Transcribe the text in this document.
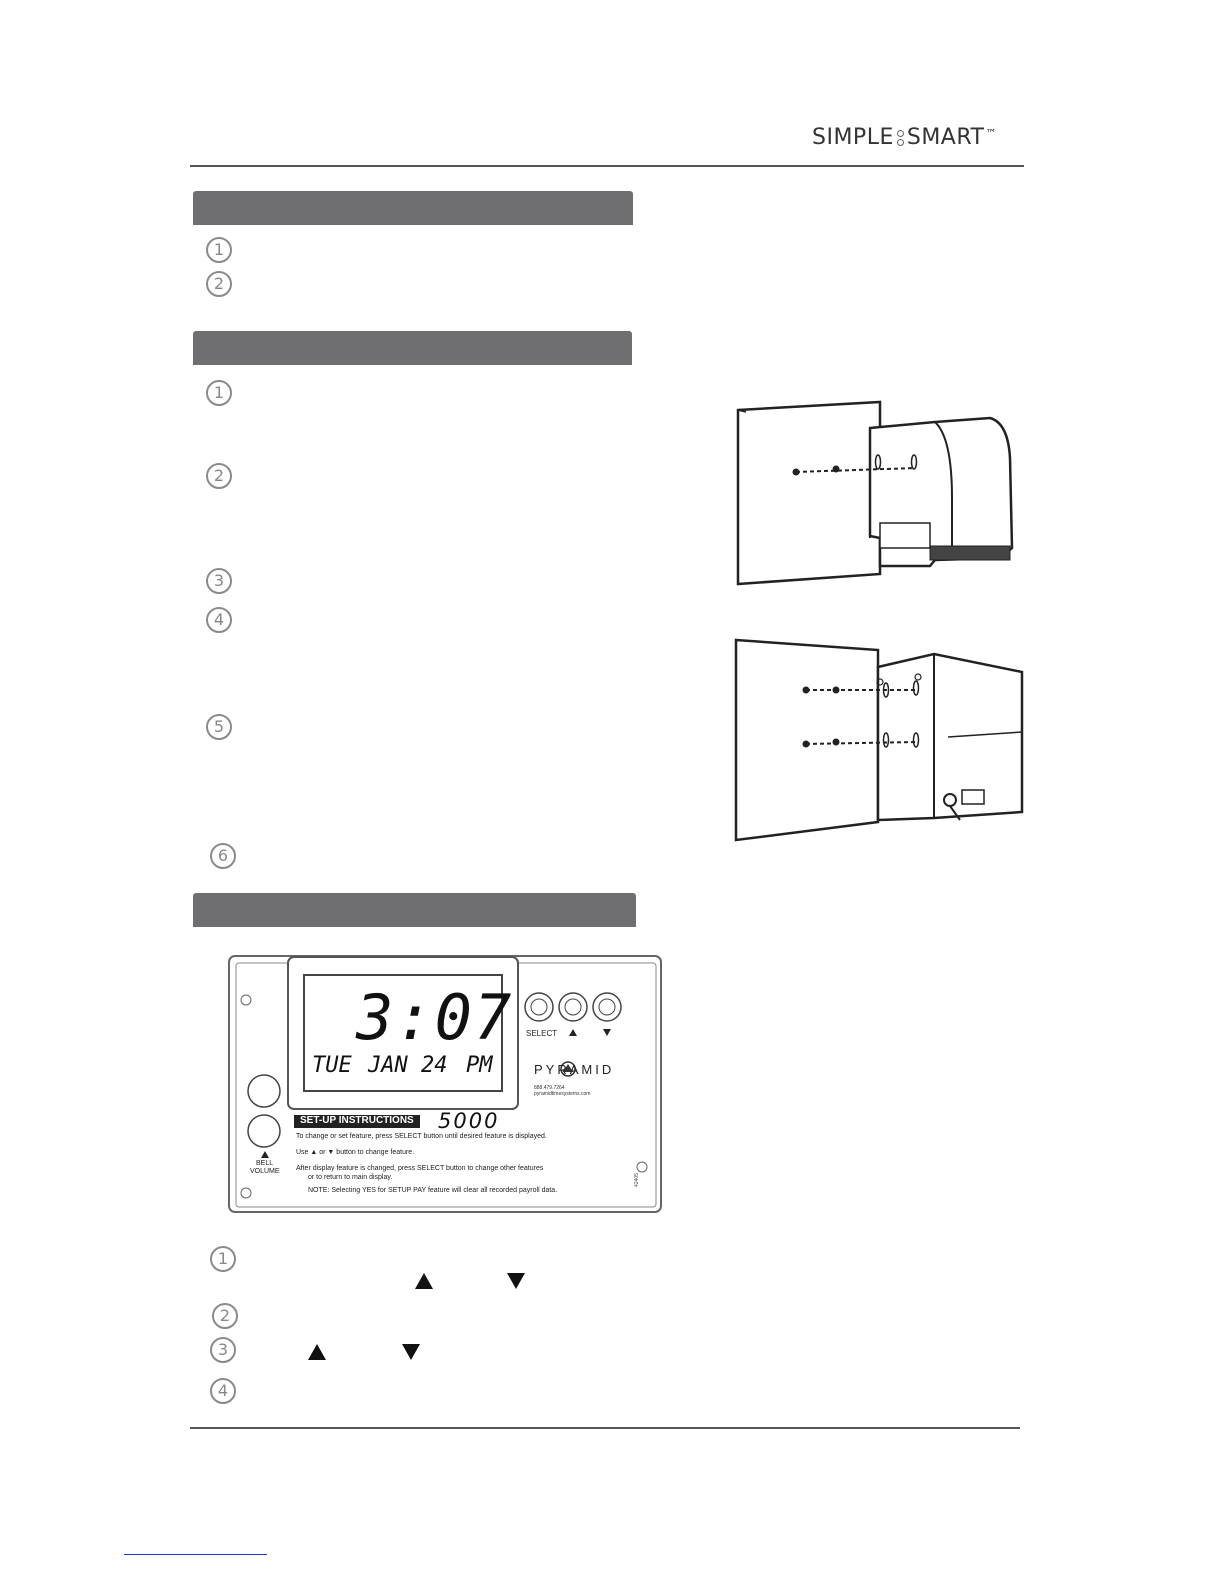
SIMPLE SMART ™
1
2
1
2
3
4
5
6
3:07
TUE JAN 24 PM
SELECT
PYRAMID
888.479.7264
pyramidtimesystems.com
BELL
VOLUME
SET-UP INSTRUCTIONS 5000
To change or set feature, press SELECT button until desired feature is displayed.
Use ▲ or ▼ button to change feature.
After display feature is changed, press SELECT button to change other features
or to return to main display.
NOTE: Selecting YES for SETUP PAY feature will clear all recorded payroll data.
42405
1
2
3
4
